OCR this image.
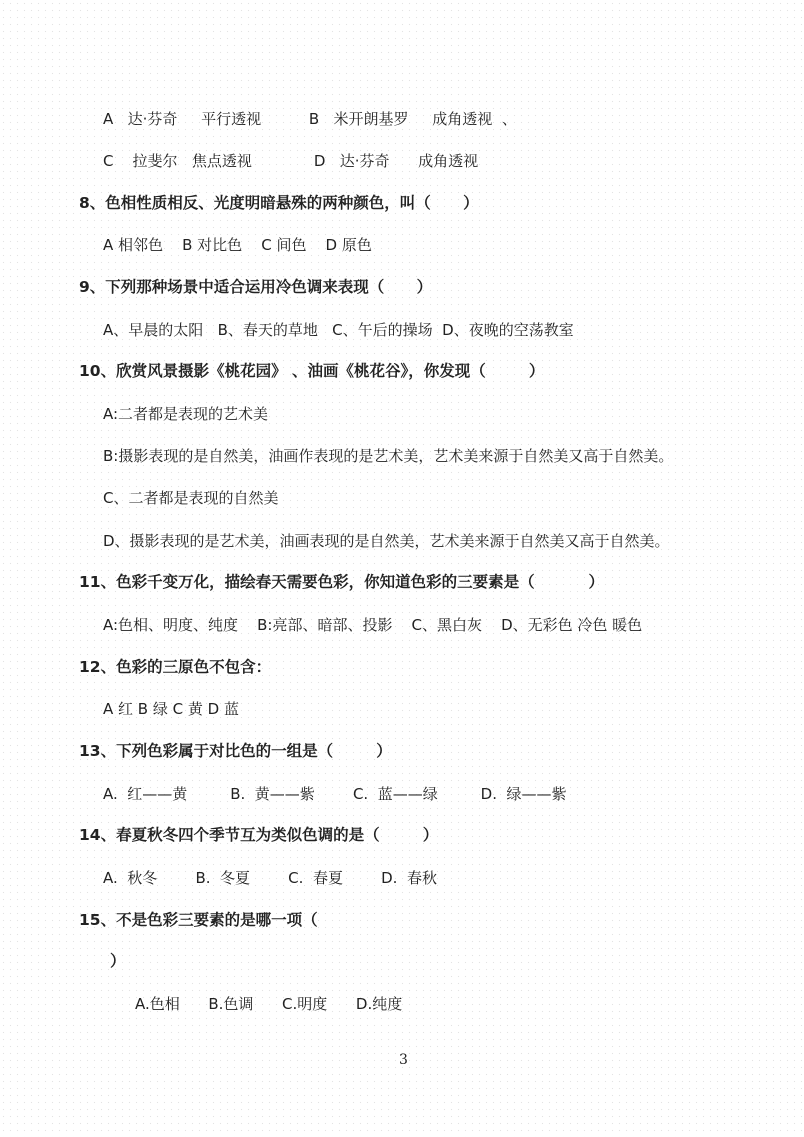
A   达·芬奇     平行透视          B   米开朗基罗     成角透视  、
C    拉斐尔   焦点透视             D   达·芬奇      成角透视
8、色相性质相反、光度明暗悬殊的两种颜色，叫（      ）
A 相邻色    B 对比色    C 间色    D 原色
9、下列那种场景中适合运用冷色调来表现（      ）
A、早晨的太阳   B、春天的草地   C、午后的操场  D、夜晚的空荡教室
10、欣赏风景摄影《桃花园》 、油画《桃花谷》，你发现（        ）
A:二者都是表现的艺术美
B:摄影表现的是自然美，油画作表现的是艺术美，艺术美来源于自然美又高于自然美。
C、二者都是表现的自然美
D、摄影表现的是艺术美，油画表现的是自然美，艺术美来源于自然美又高于自然美。
11、色彩千变万化，描绘春天需要色彩，你知道色彩的三要素是（          ）
A:色相、明度、纯度    B:亮部、暗部、投影    C、黑白灰    D、无彩色 冷色 暖色
12、色彩的三原色不包含：
A 红 B 绿 C 黄 D 蓝
13、下列色彩属于对比色的一组是（        ）
A.  红——黄         B.  黄——紫        C.  蓝——绿         D.  绿——紫
14、春夏秋冬四个季节互为类似色调的是（        ）
A.  秋冬        B.  冬夏        C.  春夏        D.  春秋
15、不是色彩三要素的是哪一项（
）
A.色相      B.色调      C.明度      D.纯度
3
